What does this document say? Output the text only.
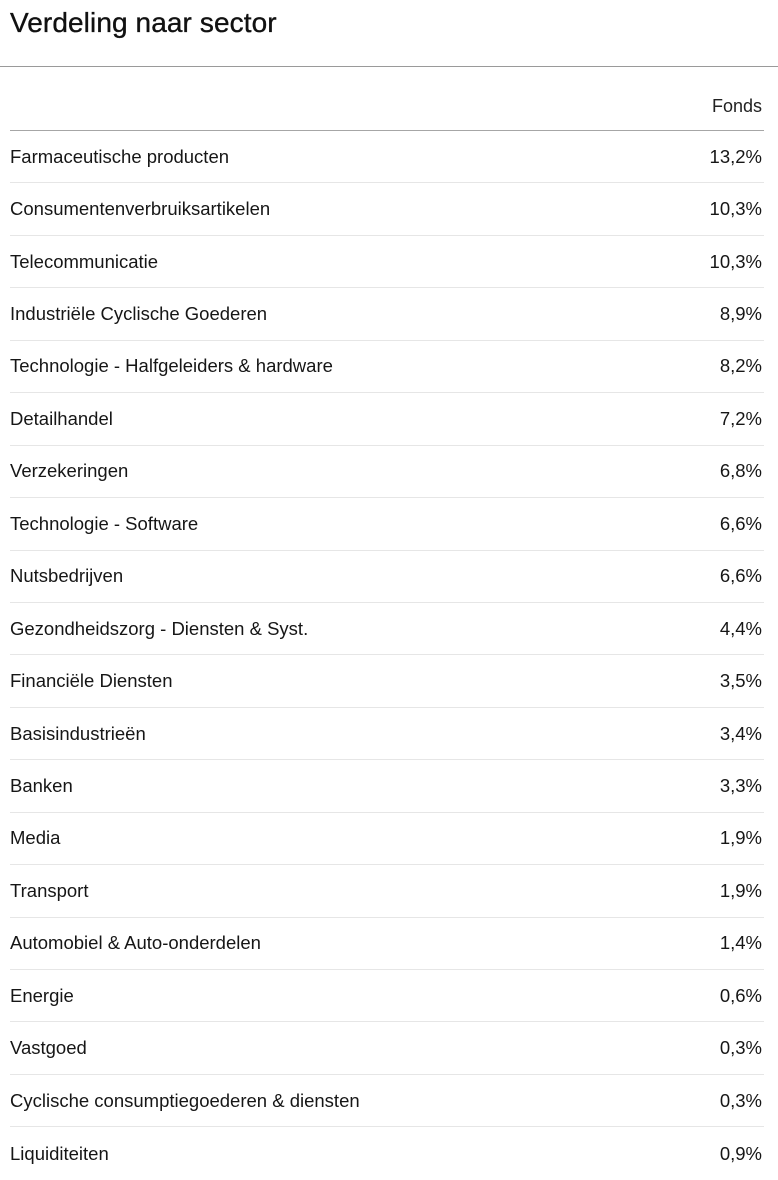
Verdeling naar sector
Fonds
Farmaceutische producten	13,2%
Consumentenverbruiksartikelen	10,3%
Telecommunicatie	10,3%
Industriële Cyclische Goederen	8,9%
Technologie - Halfgeleiders & hardware	8,2%
Detailhandel	7,2%
Verzekeringen	6,8%
Technologie - Software	6,6%
Nutsbedrijven	6,6%
Gezondheidszorg - Diensten & Syst.	4,4%
Financiële Diensten	3,5%
Basisindustrieën	3,4%
Banken	3,3%
Media	1,9%
Transport	1,9%
Automobiel & Auto-onderdelen	1,4%
Energie	0,6%
Vastgoed	0,3%
Cyclische consumptiegoederen & diensten	0,3%
Liquiditeiten	0,9%
